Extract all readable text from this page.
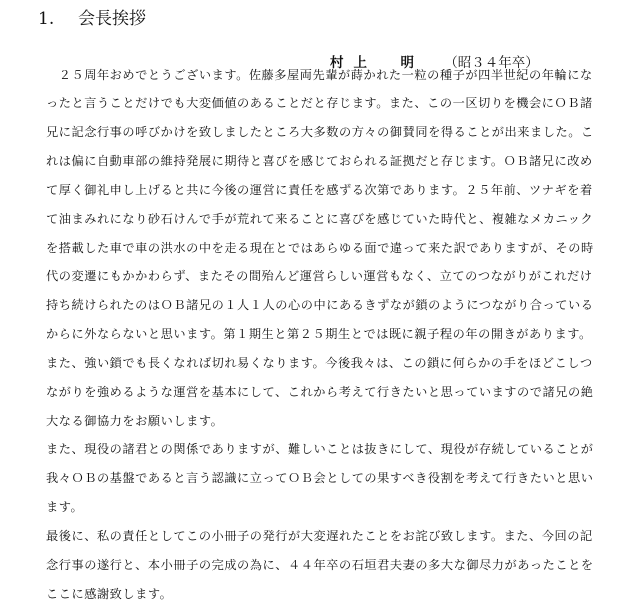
1.	会長挨拶
村上　明 （昭３４年卒）
　２５周年おめでとうございます。佐藤多屋両先輩が蒔かれた一粒の種子が四半世紀の年輪にな
ったと言うことだけでも大変価値のあることだと存じます。また、この一区切りを機会にＯＢ諸
兄に記念行事の呼びかけを致しましたところ大多数の方々の御賛同を得ることが出来ました。こ
れは偏に自動車部の維持発展に期待と喜びを感じておられる証拠だと存じます。ＯＢ諸兄に改め
て厚く御礼申し上げると共に今後の運営に責任を感ずる次第であります。２５年前、ツナギを着
て油まみれになり砂石けんで手が荒れて来ることに喜びを感じていた時代と、複雑なメカニック
を搭載した車で車の洪水の中を走る現在とではあらゆる面で違って来た訳でありますが、その時
代の変遷にもかかわらず、またその間殆んど運営らしい運営もなく、立てのつながりがこれだけ
持ち続けられたのはＯＢ諸兄の１人１人の心の中にあるきずなが鎖のようにつながり合っている
からに外ならないと思います。第１期生と第２５期生とでは既に親子程の年の開きがあります。
また、強い鎖でも長くなれば切れ易くなります。今後我々は、この鎖に何らかの手をほどこしつ
ながりを強めるような運営を基本にして、これから考えて行きたいと思っていますので諸兄の絶
大なる御協力をお願いします。
また、現役の諸君との関係でありますが、難しいことは抜きにして、現役が存続していることが
我々ＯＢの基盤であると言う認識に立ってＯＢ会としての果すべき役割を考えて行きたいと思い
ます。
最後に、私の責任としてこの小冊子の発行が大変遅れたことをお詫び致します。また、今回の記
念行事の遂行と、本小冊子の完成の為に、４４年卒の石垣君夫妻の多大な御尽力があったことを
ここに感謝致します。
